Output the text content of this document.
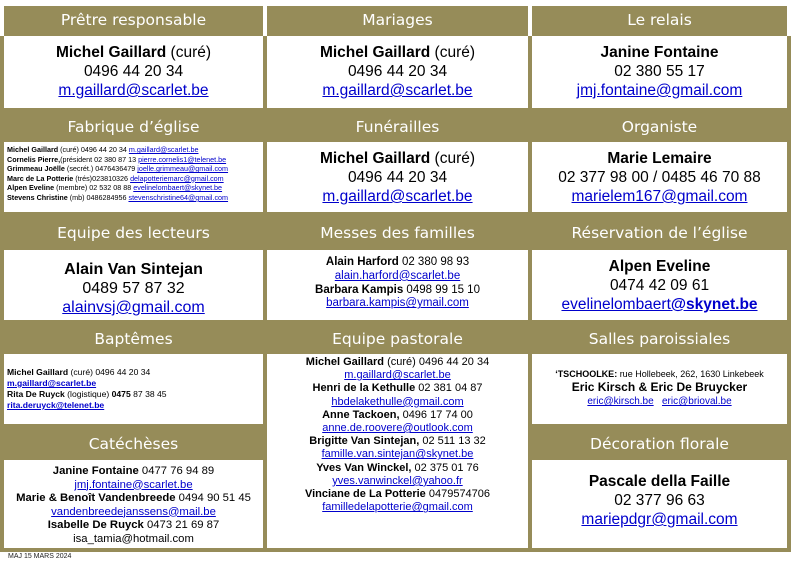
Prêtre responsable	Mariages	Le relais
Michel Gaillard (curé)
0496 44 20 34
m.gaillard@scarlet.be
Michel Gaillard (curé)
0496 44 20 34
m.gaillard@scarlet.be
Janine Fontaine
02 380 55 17
jmj.fontaine@gmail.com
Fabrique d’église	Funérailles	Organiste
Michel Gaillard (curé) 0496 44 20 34 m.gaillard@scarlet.be
Cornelis Pierre,(président 02 380 87 13 pierre.cornelis1@telenet.be
Grimmeau Joëlle (secrét.) 0476436479 joelle.grimmeau@gmail.com
Marc de La Potterie (trés)023810326 delapotteriemarc@gmail.com
Alpen Eveline (membre) 02 532 08 88 evelinelombaert@skynet.be
Stevens Christine (mb) 0486284956 stevenschristine64@gmail.com
Michel Gaillard (curé)
0496 44 20 34
m.gaillard@scarlet.be
Marie Lemaire
02 377 98 00 / 0485 46 70 88
marielem167@gmail.com
Equipe des lecteurs	Messes des familles	Réservation de l’église
Alain Van Sintejan
0489 57 87 32
alainvsj@gmail.com
Alain Harford 02 380 98 93
alain.harford@scarlet.be
Barbara Kampis 0498 99 15 10
barbara.kampis@ymail.com
Alpen Eveline
0474 42 09 61
evelinelombaert@skynet.be
Baptêmes	Equipe pastorale	Salles paroissiales
Michel Gaillard (curé) 0496 44 20 34
m.gaillard@scarlet.be
Rita De Ruyck (logistique) 0475 87 38 45
rita.deruyck@telenet.be
Michel Gaillard (curé) 0496 44 20 34
m.gaillard@scarlet.be
Henri de la Kethulle 02 381 04 87
hbdelakethulle@gmail.com
Anne Tackoen, 0496 17 74 00
anne.de.roovere@outlook.com
Brigitte Van Sintejan, 02 511 13 32
famille.van.sintejan@skynet.be
Yves Van Winckel, 02 375 01 76
yves.vanwinckel@yahoo.fr
Vinciane de La Potterie 0479574706
familledelapotterie@gmail.com
‘TSCHOOLKE: rue Hollebeek, 262, 1630 Linkebeek
Eric Kirsch & Eric De Bruycker
eric@kirsch.be eric@brioval.be
Catéchèses	Décoration florale
Janine Fontaine 0477 76 94 89
jmj.fontaine@scarlet.be
Marie & Benoît Vandenbreede 0494 90 51 45
vandenbreedejanssens@mail.be
Isabelle De Ruyck 0473 21 69 87
isa_tamia@hotmail.com
Pascale della Faille
02 377 96 63
mariepdgr@gmail.com
MAJ 15 MARS 2024
